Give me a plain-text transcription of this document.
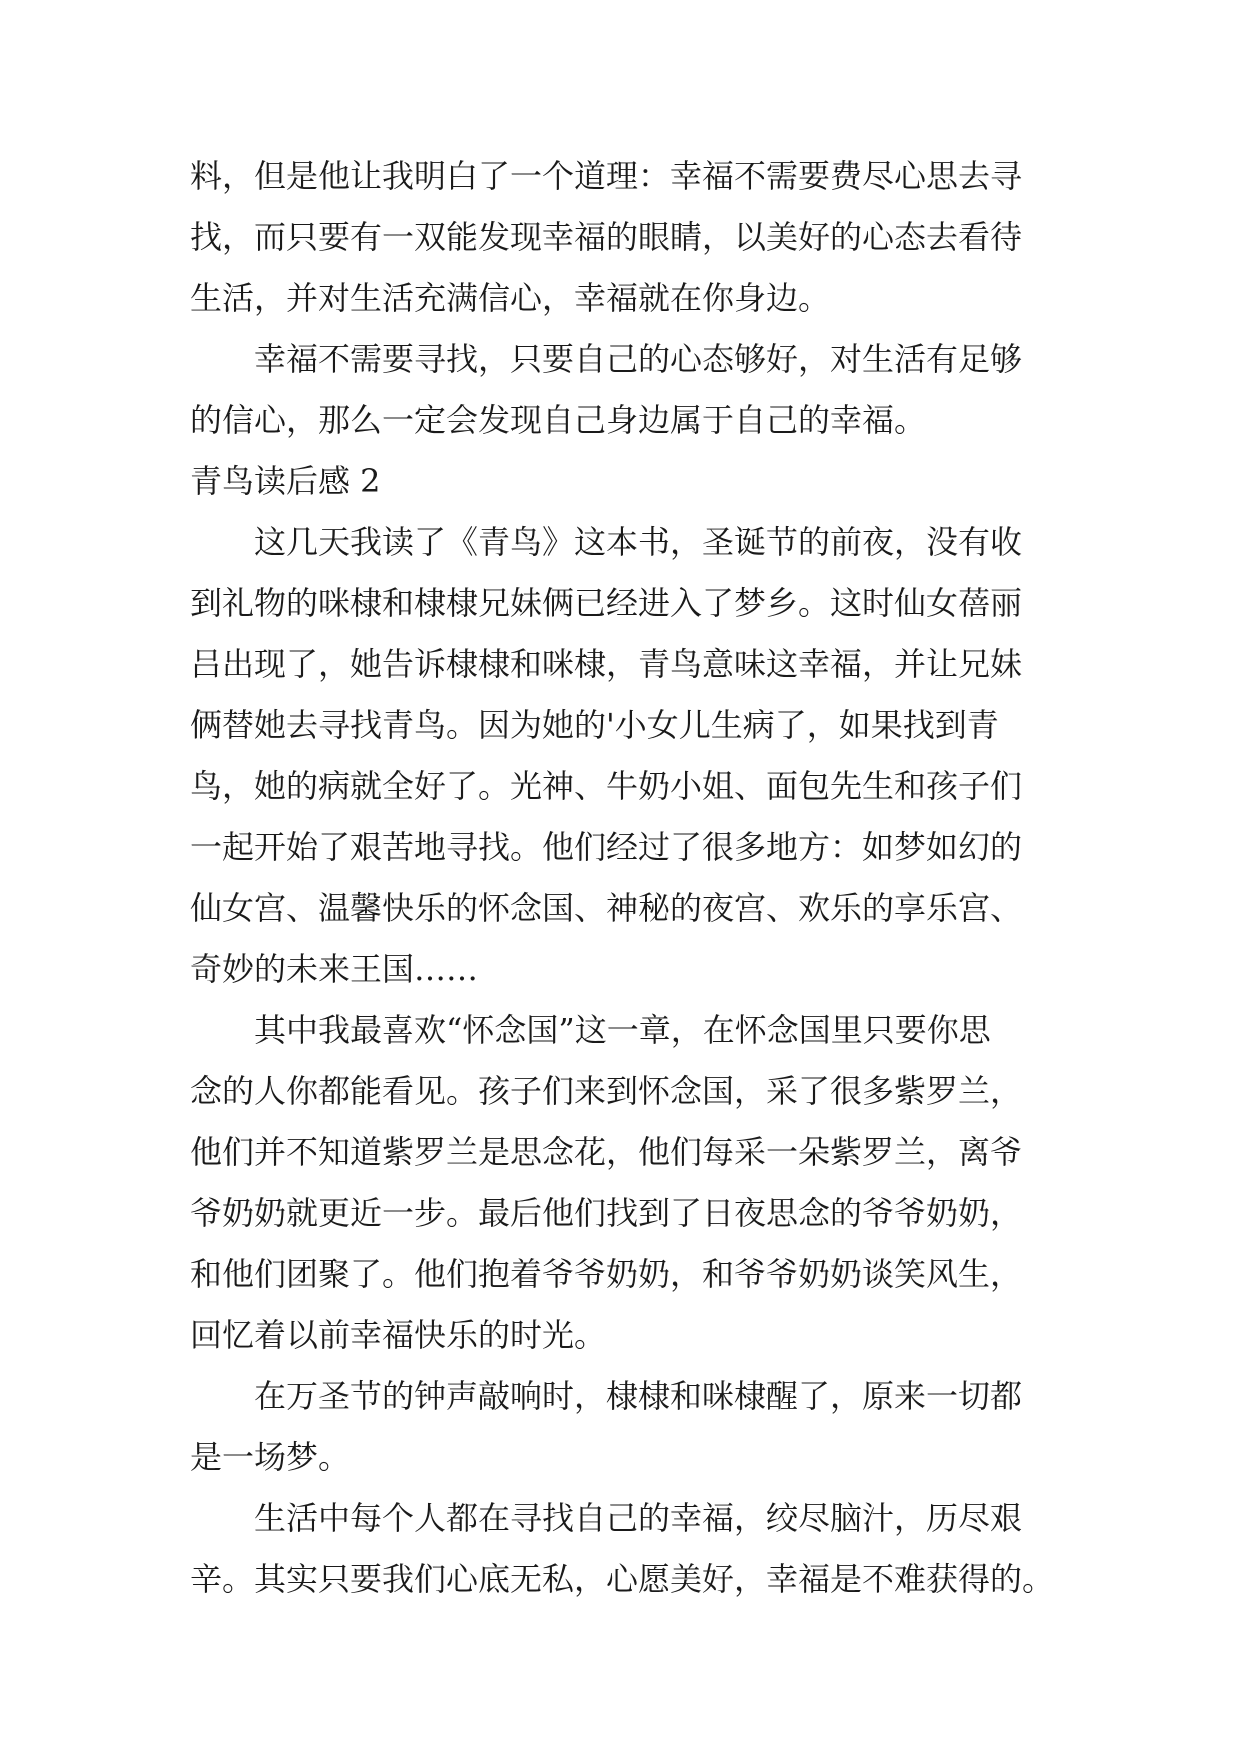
料，但是他让我明白了一个道理：幸福不需要费尽心思去寻
找，而只要有一双能发现幸福的眼睛，以美好的心态去看待
生活，并对生活充满信心，幸福就在你身边。
幸福不需要寻找，只要自己的心态够好，对生活有足够
的信心，那么一定会发现自己身边属于自己的幸福。
青鸟读后感 2
这几天我读了《青鸟》这本书，圣诞节的前夜，没有收
到礼物的咪棣和棣棣兄妹俩已经进入了梦乡。这时仙女蓓丽
吕出现了，她告诉棣棣和咪棣，青鸟意味这幸福，并让兄妹
俩替她去寻找青鸟。因为她的'小女儿生病了，如果找到青
鸟，她的病就全好了。光神、牛奶小姐、面包先生和孩子们
一起开始了艰苦地寻找。他们经过了很多地方：如梦如幻的
仙女宫、温馨快乐的怀念国、神秘的夜宫、欢乐的享乐宫、
奇妙的未来王国……
其中我最喜欢“怀念国”这一章，在怀念国里只要你思
念的人你都能看见。孩子们来到怀念国，采了很多紫罗兰，
他们并不知道紫罗兰是思念花，他们每采一朵紫罗兰，离爷
爷奶奶就更近一步。最后他们找到了日夜思念的爷爷奶奶，
和他们团聚了。他们抱着爷爷奶奶，和爷爷奶奶谈笑风生，
回忆着以前幸福快乐的时光。
在万圣节的钟声敲响时，棣棣和咪棣醒了，原来一切都
是一场梦。
生活中每个人都在寻找自己的幸福，绞尽脑汁，历尽艰
辛。其实只要我们心底无私，心愿美好，幸福是不难获得的。
